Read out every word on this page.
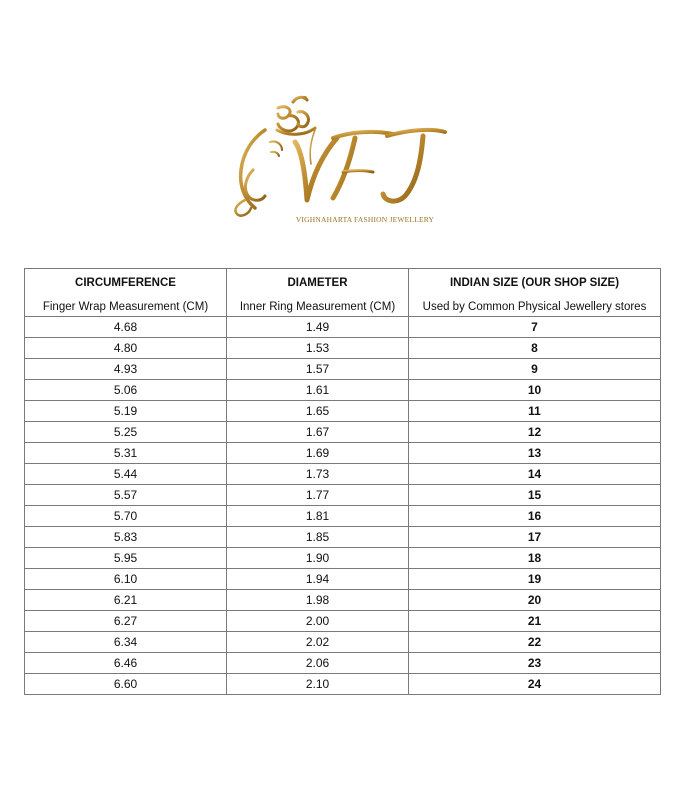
VIGHNAHARTA FASHION JEWELLERY
CIRCUMFERENCE	DIAMETER	INDIAN SIZE (OUR SHOP SIZE)
Finger Wrap Measurement (CM)	Inner Ring Measurement (CM)	Used by Common Physical Jewellery stores
4.68	1.49	7
4.80	1.53	8
4.93	1.57	9
5.06	1.61	10
5.19	1.65	11
5.25	1.67	12
5.31	1.69	13
5.44	1.73	14
5.57	1.77	15
5.70	1.81	16
5.83	1.85	17
5.95	1.90	18
6.10	1.94	19
6.21	1.98	20
6.27	2.00	21
6.34	2.02	22
6.46	2.06	23
6.60	2.10	24
